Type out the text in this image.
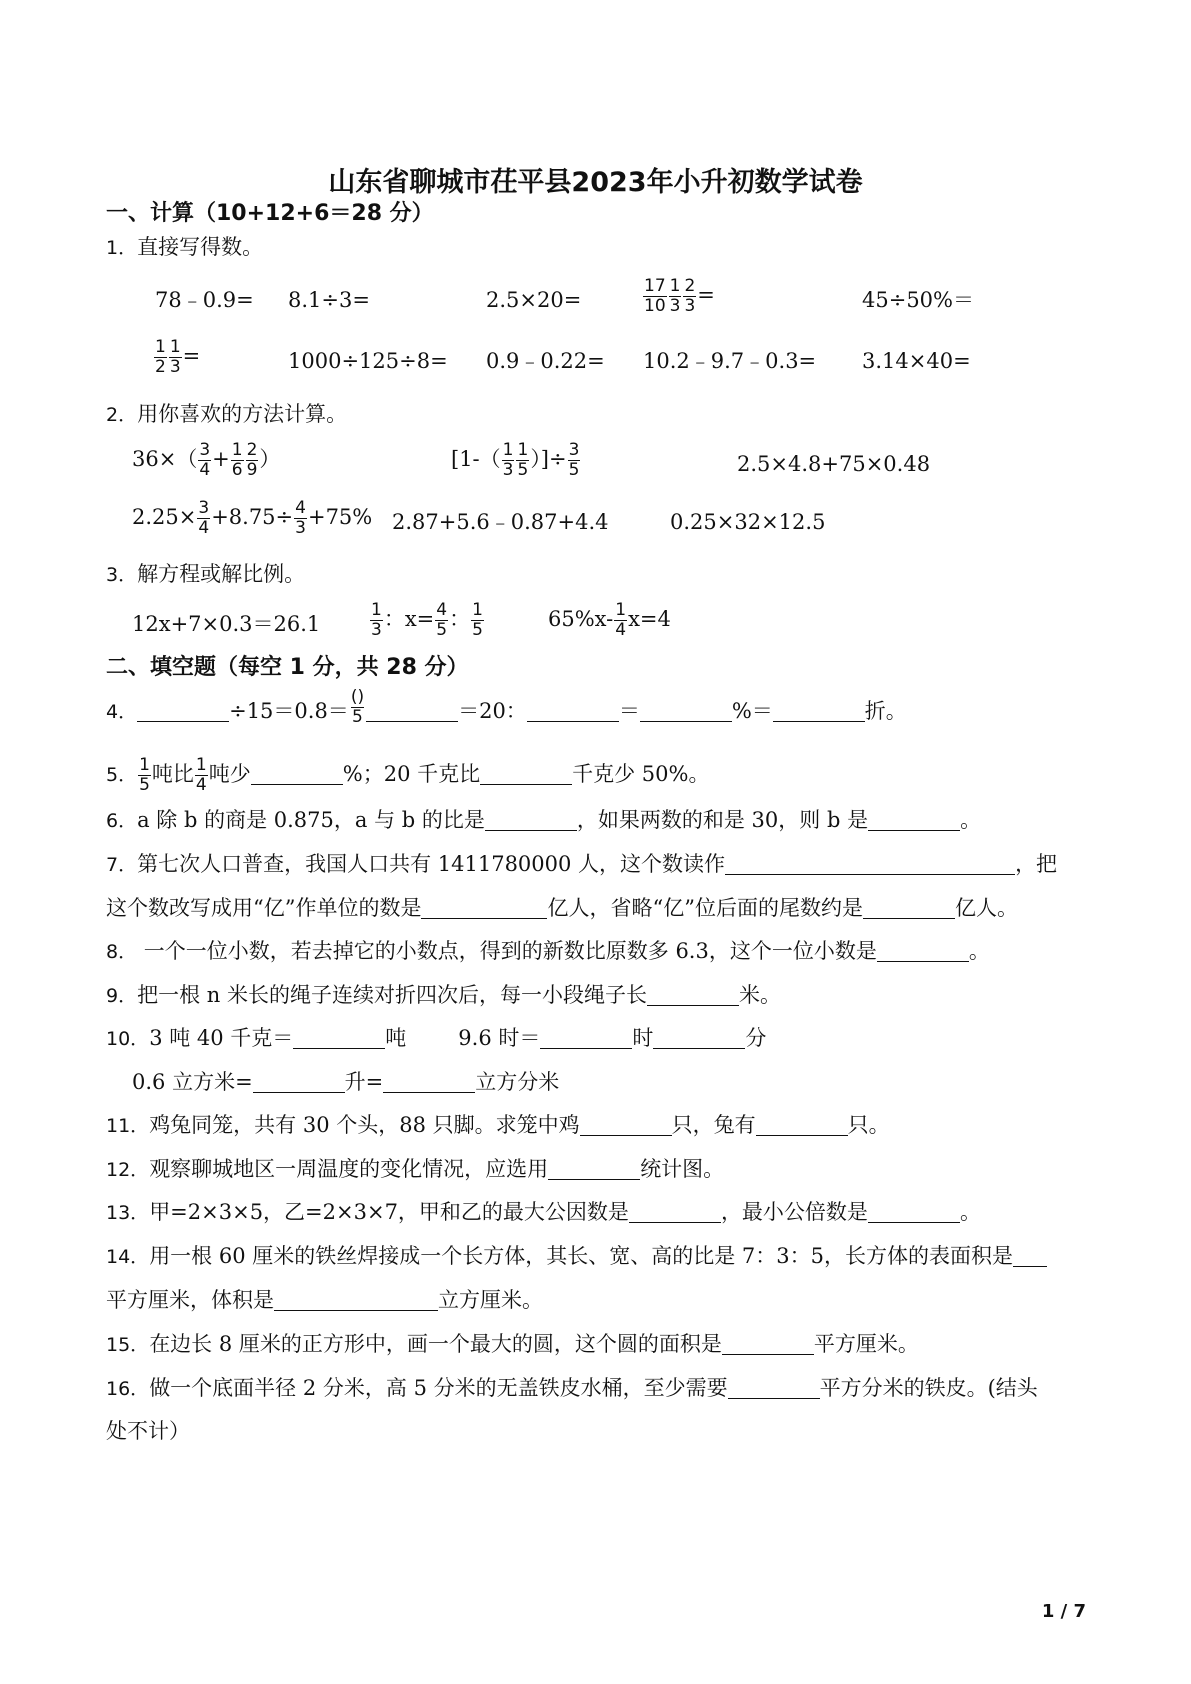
山东省聊城市茌平县2023年小升初数学试卷
一、计算（10+12+6＝28 分）
1．直接写得数。
78﹣0.9= 8.1÷3=	2.5×20=	$\frac{17}{10} \frac{1}{3} \frac{2}{3}$ =	45÷50%＝
$\frac{1}{2} \frac{1}{3}$ =	1000÷125÷8= 0.9﹣0.22= 10.2﹣9.7﹣0.3= 3.14×40=
2．用你喜欢的方法计算。
$36\times( \frac{3}{4} + \frac{1}{6} \frac{2}{9}$ ）	[$1-( \frac{1}{3} \frac{1}{5}$ ）]÷ $\frac{3}{5}$	2.5×4.8+75×0.48
$2.25\times \frac{3}{4} +8.75\div \frac{4}{3} +75\%$ 2.87+5.6﹣0.87+4.4	0.25×32×12.5
3．解方程或解比例。
12x+7×0.3＝26.1	$\frac{1}{3}$ ：$x= \frac{4}{5}$ ： $\frac{1}{5}$	$65\%x- \frac{1}{4} x=4$
二、填空题（每空 1 分，共 28 分）
4．	$\div 15=0.8= \frac{()}{5}$	＝20：	＝	%＝	折。
5． $\frac{1}{5}$ 吨比 $\frac{1}{4}$ 吨少	%；20 千克比	千克少 50%。
6．a 除 b 的商是 0.875，a 与 b 的比是	，如果两数的和是 30，则 b 是	。
7．第七次人口普查，我国人口共有 1411780000 人，这个数读作	，把
这个数改写成用“亿”作单位的数是	亿人，省略“亿”位后面的尾数约是	亿人。
8． 一个一位小数，若去掉它的小数点，得到的新数比原数多 6.3，这个一位小数是	。
9．把一根 n 米长的绳子连续对折四次后，每一小段绳子长	米。
10．3 吨 40 千克＝	吨 9.6 时＝	时	分
0.6 立方米=	升=	立方分米
11．鸡兔同笼，共有 30 个头，88 只脚。求笼中鸡	只，兔有	只。
12．观察聊城地区一周温度的变化情况，应选用	统计图。
13．甲=2×3×5，乙=2×3×7，甲和乙的最大公因数是	，最小公倍数是	。
14．用一根 60 厘米的铁丝焊接成一个长方体，其长、宽、高的比是 7：3：5，长方体的表面积是
平方厘米，体积是	立方厘米。
15．在边长 8 厘米的正方形中，画一个最大的圆，这个圆的面积是	平方厘米。
16．做一个底面半径 2 分米，高 5 分米的无盖铁皮水桶，至少需要	平方分米的铁皮。(结头
处不计）
1 / 7
